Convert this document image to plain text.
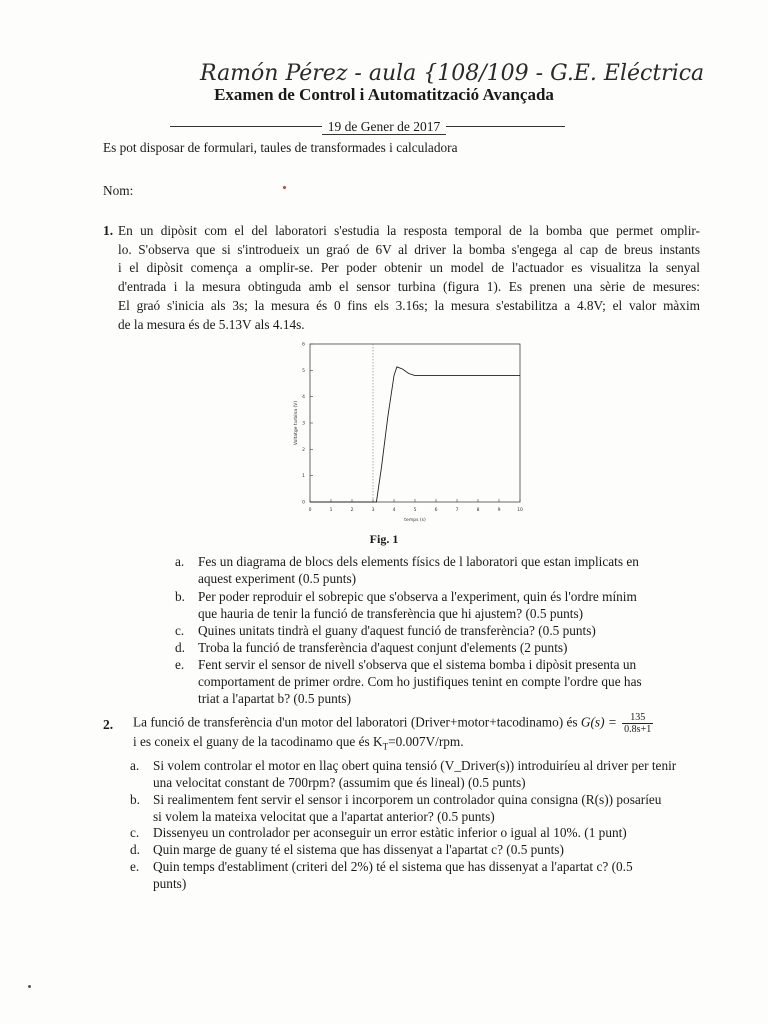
Ramón Pérez - aula {108/109 - G.E. Eléctrica
Examen de Control i Automatització Avançada
19 de Gener de 2017
Es pot disposar de formulari, taules de transformades i calculadora
Nom:
1. En un dipòsit com el del laboratori s'estudia la resposta temporal de la bomba que permet omplir-
lo. S'observa que si s'introdueix un graó de 6V al driver la bomba s'engega al cap de breus instants
i el dipòsit comença a omplir-se. Per poder obtenir un model de l'actuador es visualitza la senyal
d'entrada i la mesura obtinguda amb el sensor turbina (figura 1). Es prenen una sèrie de mesures:
El graó s'inicia als 3s; la mesura és 0 fins els 3.16s; la mesura s'estabilitza a 4.8V; el valor màxim
de la mesura és de 5.13V als 4.14s.
0	1	2	3	4	5	6	7	8	9	10
0
1
2
3
4
5
6
temps (s)
Voltatge turbina (V)
Fig. 1
a. Fes un diagrama de blocs dels elements físics de l laboratori que estan implicats en
aquest experiment (0.5 punts)
b. Per poder reproduir el sobrepic que s'observa a l'experiment, quin és l'ordre mínim
que hauria de tenir la funció de transferència que hi ajustem? (0.5 punts)
c. Quines unitats tindrà el guany d'aquest funció de transferència? (0.5 punts)
d. Troba la funció de transferència d'aquest conjunt d'elements (2 punts)
e. Fent servir el sensor de nivell s'observa que el sistema bomba i dipòsit presenta un
comportament de primer ordre. Com ho justifiques tenint en compte l'ordre que has
triat a l'apartat b? (0.5 punts)
2. La funció de transferència d'un motor del laboratori (Driver+motor+tacodinamo) és $G(s) = \frac{135}{0.8s+1}$
i es coneix el guany de la tacodinamo que és $K_T=0.007V$/rpm.
a. Si volem controlar el motor en llaç obert quina tensió (V_Driver(s)) introduiríeu al driver per tenir
una velocitat constant de 700rpm? (assumim que és lineal) (0.5 punts)
b. Si realimentem fent servir el sensor i incorporem un controlador quina consigna (R(s)) posaríeu
si volem la mateixa velocitat que a l'apartat anterior? (0.5 punts)
c. Dissenyeu un controlador per aconseguir un error estàtic inferior o igual al 10%. (1 punt)
d. Quin marge de guany té el sistema que has dissenyat a l'apartat c? (0.5 punts)
e. Quin temps d'establiment (criteri del 2%) té el sistema que has dissenyat a l'apartat c? (0.5
punts)
